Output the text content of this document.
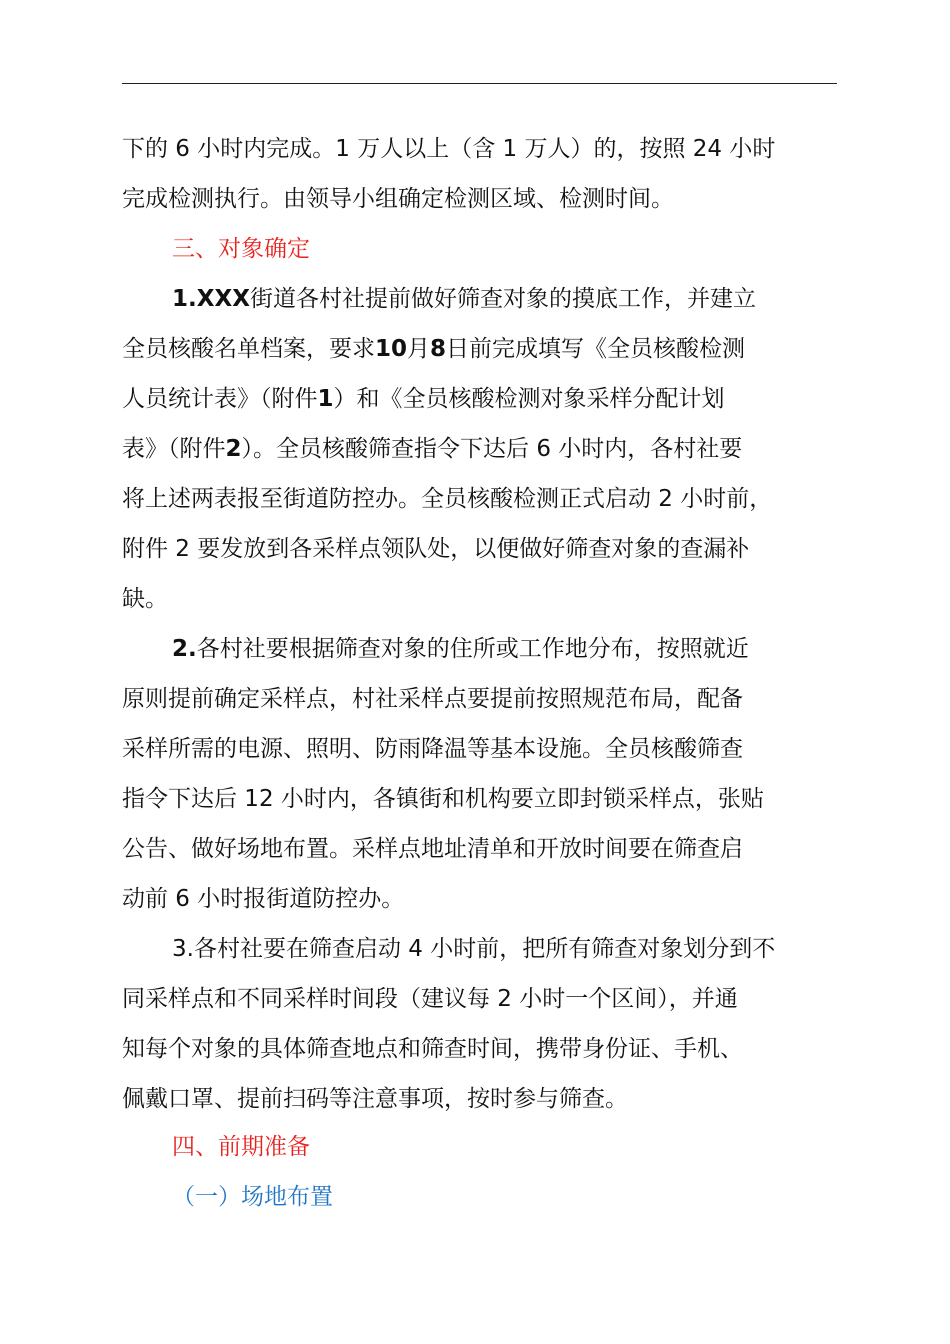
下的 6 小时内完成。1 万人以上（含 1 万人）的，按照 24 小时

完成检测执行。由领导小组确定检测区域、检测时间。

三、对象确定

1.XXX街道各村社提前做好筛查对象的摸底工作，并建立

全员核酸名单档案，要求10月8日前完成填写《全员核酸检测

人员统计表》（附件1）和《全员核酸检测对象采样分配计划

表》（附件2）。全员核酸筛查指令下达后 6 小时内，各村社要

将上述两表报至街道防控办。全员核酸检测正式启动 2 小时前，

附件 2 要发放到各采样点领队处，以便做好筛查对象的查漏补

缺。

2.各村社要根据筛查对象的住所或工作地分布，按照就近

原则提前确定采样点，村社采样点要提前按照规范布局，配备

采样所需的电源、照明、防雨降温等基本设施。全员核酸筛查

指令下达后 12 小时内，各镇街和机构要立即封锁采样点，张贴

公告、做好场地布置。采样点地址清单和开放时间要在筛查启

动前 6 小时报街道防控办。

3.各村社要在筛查启动 4 小时前，把所有筛查对象划分到不

同采样点和不同采样时间段（建议每 2 小时一个区间），并通

知每个对象的具体筛查地点和筛查时间，携带身份证、手机、

佩戴口罩、提前扫码等注意事项，按时参与筛查。

四、前期准备

（一）场地布置
